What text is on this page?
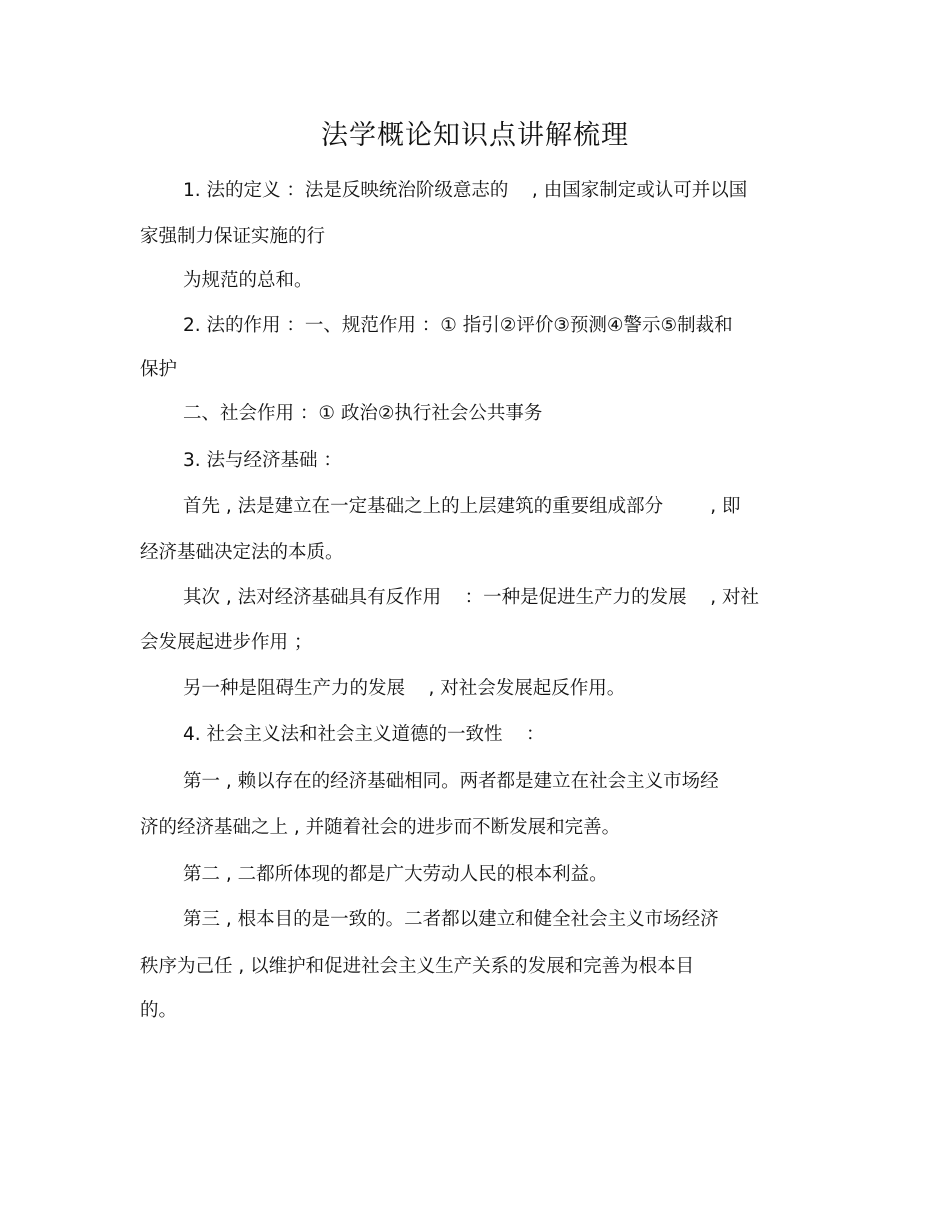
法学概论知识点讲解梳理
1. 法的定义 ：法是反映统治阶级意志的    , 由国家制定或认可并以国
家强制力保证实施的行
为规范的总和。
2. 法的作用 ：一、规范作用 ：① 指引②评价③预测④警示⑤制裁和
保护
二、社会作用 ：① 政治②执行社会公共事务
3. 法与经济基础 ：
首先 , 法是建立在一定基础之上的上层建筑的重要组成部分        , 即
经济基础决定法的本质。
其次 , 法对经济基础具有反作用    ：一种是促进生产力的发展    , 对社
会发展起进步作用 ；
另一种是阻碍生产力的发展    , 对社会发展起反作用。
4. 社会主义法和社会主义道德的一致性    ：
第一 , 赖以存在的经济基础相同。两者都是建立在社会主义市场经
济的经济基础之上 , 并随着社会的进步而不断发展和完善。
第二 , 二都所体现的都是广大劳动人民的根本利益。
第三 , 根本目的是一致的。二者都以建立和健全社会主义市场经济
秩序为己任 , 以维护和促进社会主义生产关系的发展和完善为根本目
的。
